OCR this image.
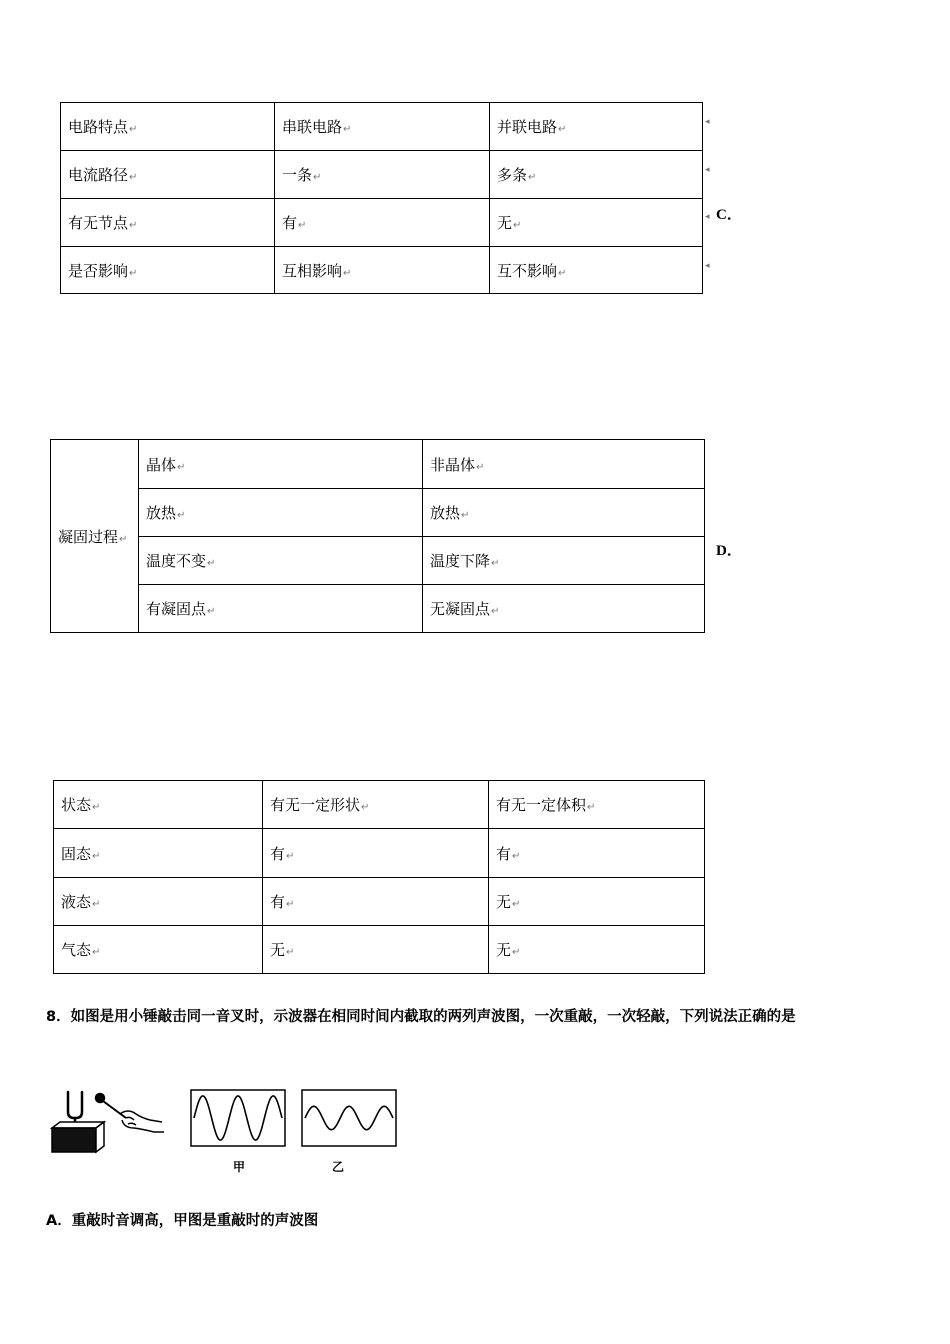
电路特点↵	串联电路↵	并联电路↵
电流路径↵	一条↵	多条↵
有无节点↵	有↵	无↵
是否影响↵	互相影响↵	互不影响↵
◂
◂
◂
◂
C．
凝固过程↵	晶体↵	非晶体↵
	放热↵	放热↵
	温度不变↵	温度下降↵
	有凝固点↵	无凝固点↵
D．
状态↵	有无一定形状↵	有无一定体积↵
固态↵	有↵	有↵
液态↵	有↵	无↵
气态↵	无↵	无↵
8．如图是用小锤敲击同一音叉时，示波器在相同时间内截取的两列声波图，一次重敲，一次轻敲，下列说法正确的是
甲	乙
A．重敲时音调高，甲图是重敲时的声波图
